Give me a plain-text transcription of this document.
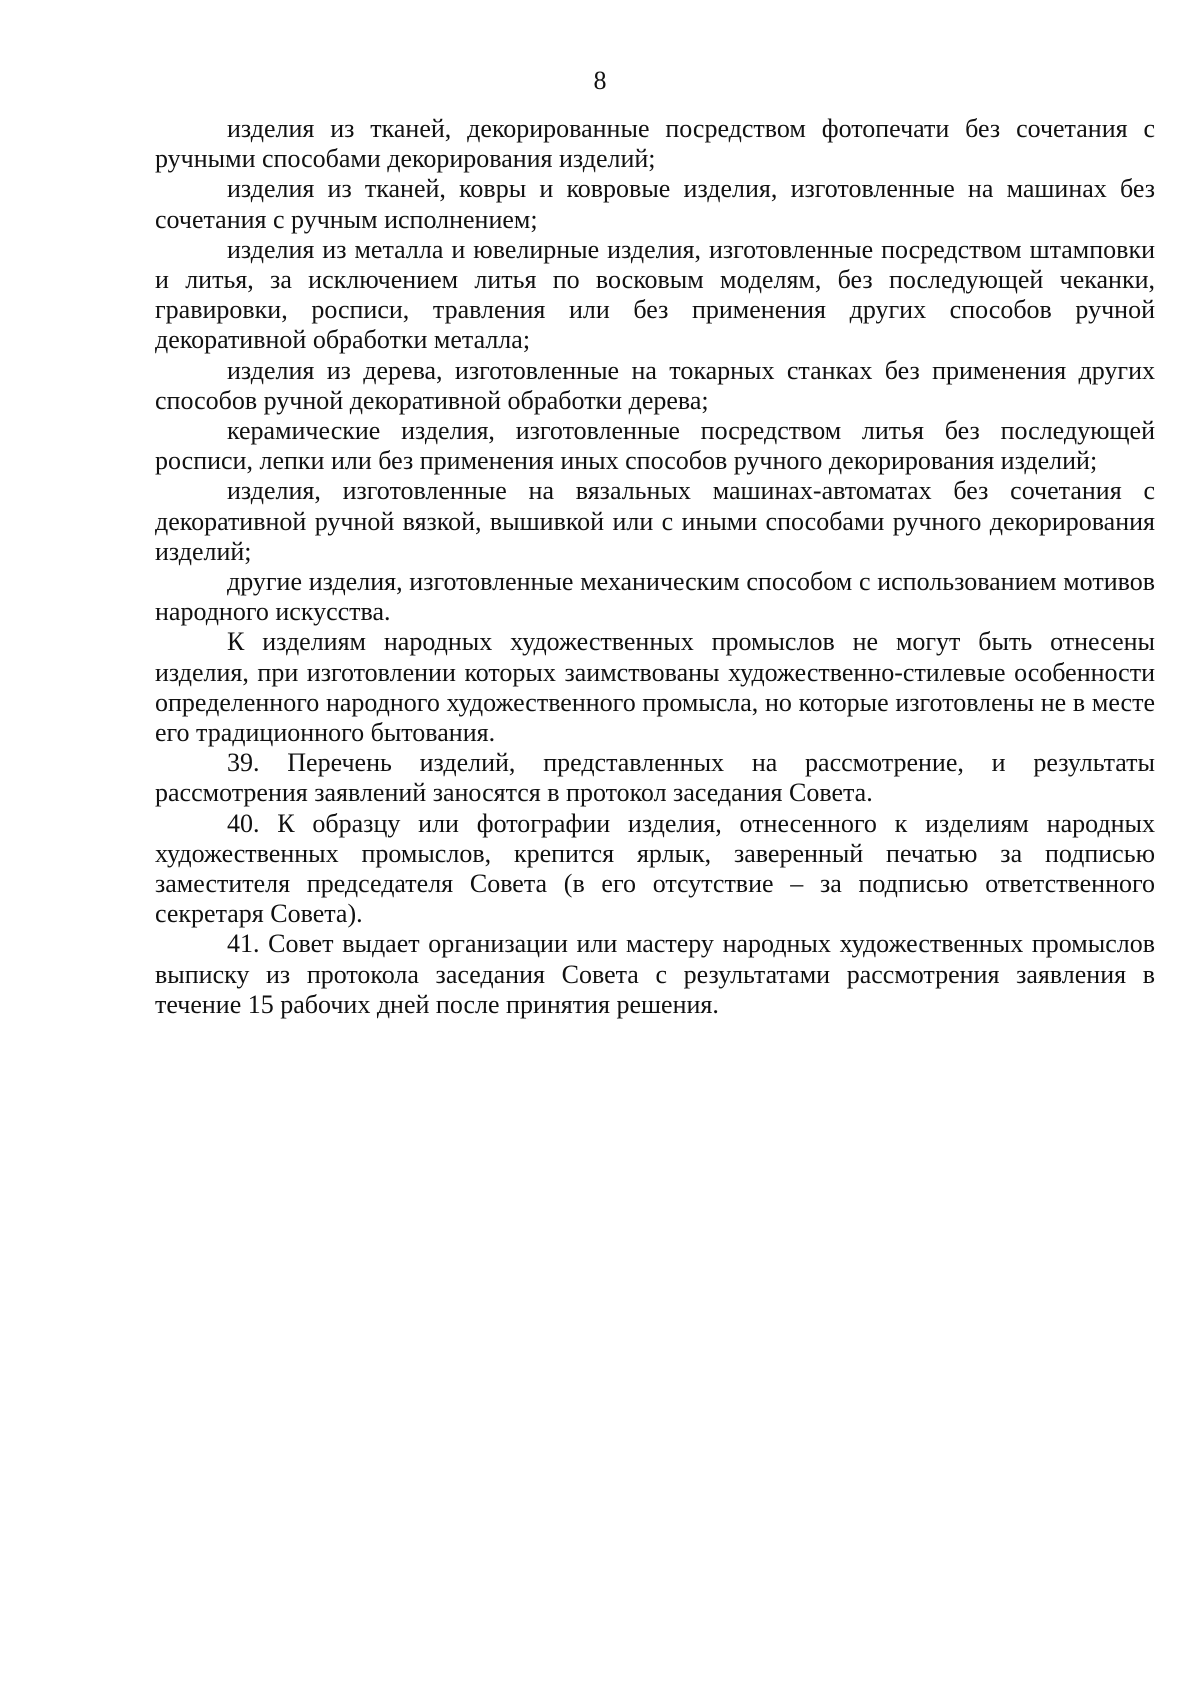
8

изделия из тканей, декорированные посредством фотопечати без сочетания с ручными способами декорирования изделий;

изделия из тканей, ковры и ковровые изделия, изготовленные на машинах без сочетания с ручным исполнением;

изделия из металла и ювелирные изделия, изготовленные посредством штамповки и литья, за исключением литья по восковым моделям, без последующей чеканки, гравировки, росписи, травления или без применения других способов ручной декоративной обработки металла;

изделия из дерева, изготовленные на токарных станках без применения других способов ручной декоративной обработки дерева;

керамические изделия, изготовленные посредством литья без последующей росписи, лепки или без применения иных способов ручного декорирования изделий;

изделия, изготовленные на вязальных машинах-автоматах без сочетания с декоративной ручной вязкой, вышивкой или с иными способами ручного декорирования изделий;

другие изделия, изготовленные механическим способом с использованием мотивов народного искусства.

К изделиям народных художественных промыслов не могут быть отнесены изделия, при изготовлении которых заимствованы художественно-стилевые особенности определенного народного художественного промысла, но которые изготовлены не в месте его традиционного бытования.

39. Перечень изделий, представленных на рассмотрение, и результаты рассмотрения заявлений заносятся в протокол заседания Совета.

40. К образцу или фотографии изделия, отнесенного к изделиям народных художественных промыслов, крепится ярлык, заверенный печатью за подписью заместителя председателя Совета (в его отсутствие – за подписью ответственного секретаря Совета).

41. Совет выдает организации или мастеру народных художественных промыслов выписку из протокола заседания Совета с результатами рассмотрения заявления в течение 15 рабочих дней после принятия решения.
